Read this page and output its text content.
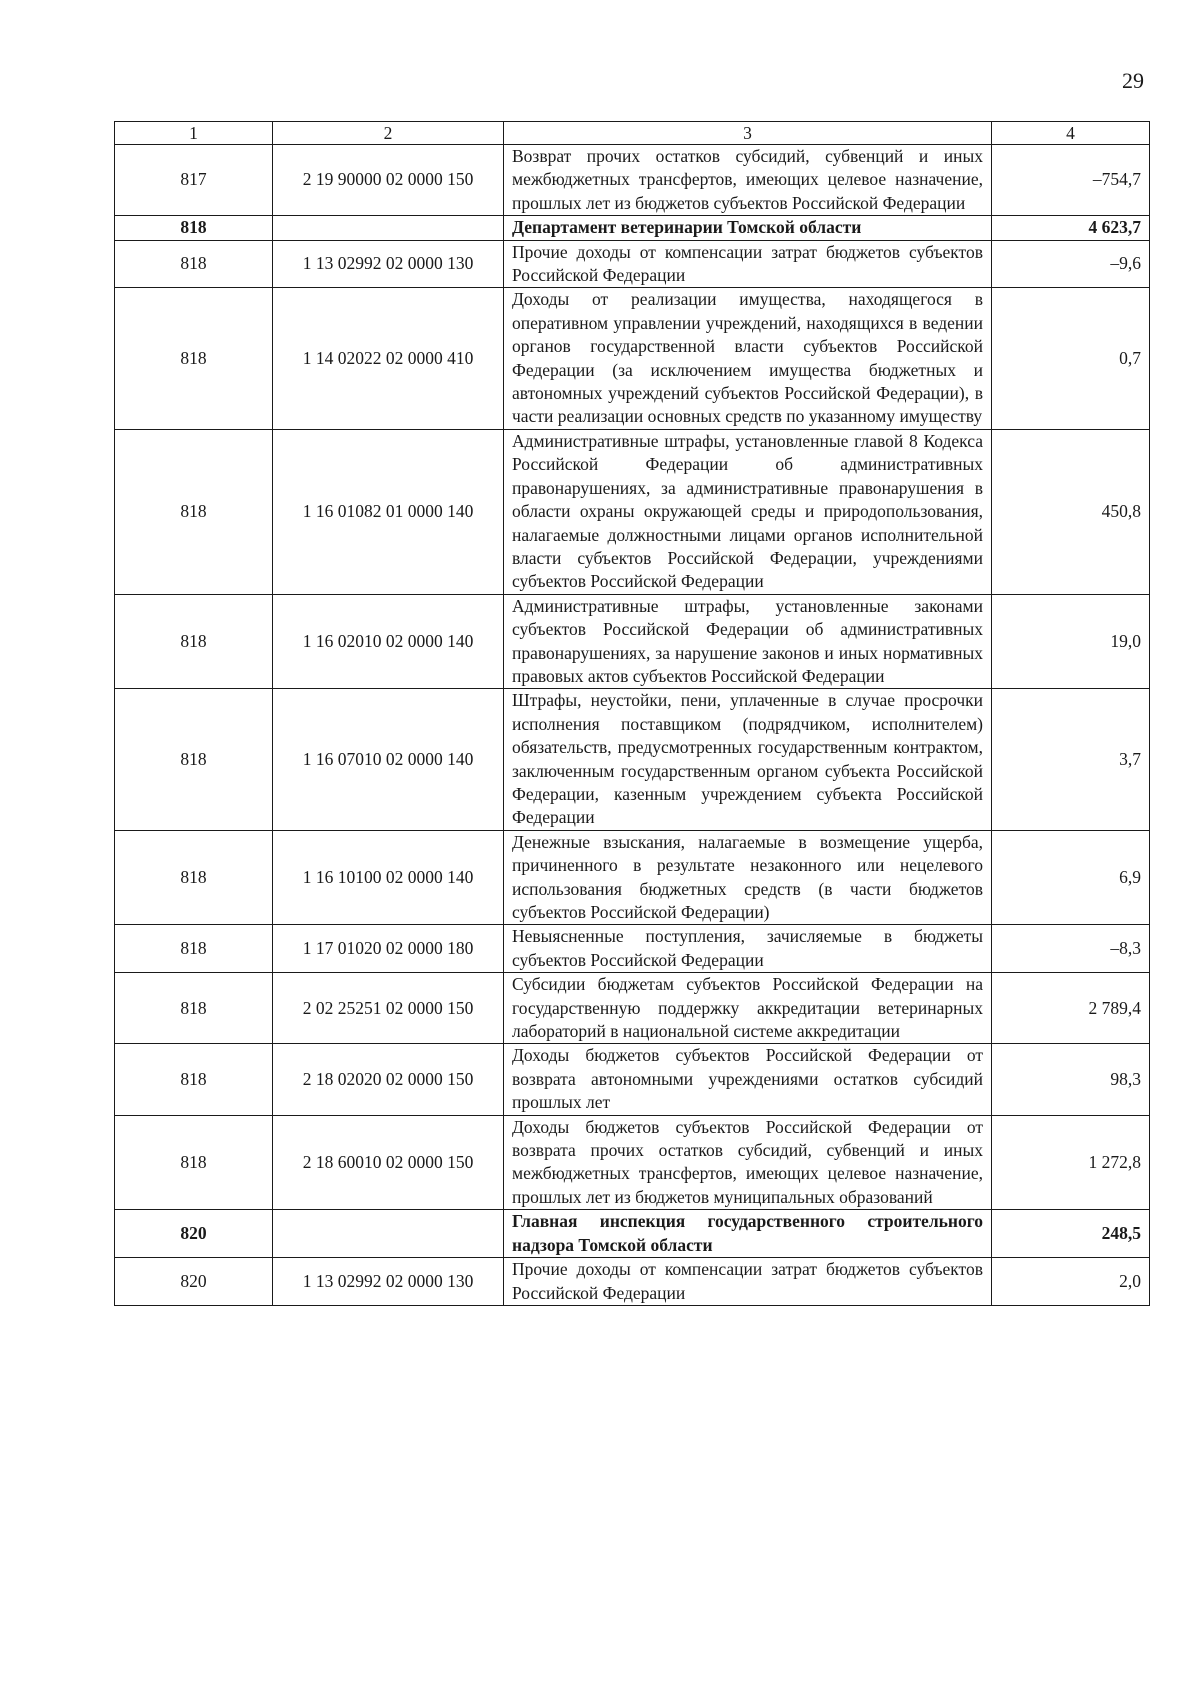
29
1	2	3	4
817	2 19 90000 02 0000 150	Возврат прочих остатков субсидий, субвенций и иных межбюджетных трансфертов, имеющих целевое назначение, прошлых лет из бюджетов субъектов Российской Федерации	–754,7
818		Департамент ветеринарии Томской области	4 623,7
818	1 13 02992 02 0000 130	Прочие доходы от компенсации затрат бюджетов субъектов Российской Федерации	–9,6
818	1 14 02022 02 0000 410	Доходы от реализации имущества, находящегося в оперативном управлении учреждений, находящихся в ведении органов государственной власти субъектов Российской Федерации (за исключением имущества бюджетных и автономных учреждений субъектов Российской Федерации), в части реализации основных средств по указанному имуществу	0,7
818	1 16 01082 01 0000 140	Административные штрафы, установленные главой 8 Кодекса Российской Федерации об административных правонарушениях, за административные правонарушения в области охраны окружающей среды и природопользования, налагаемые должностными лицами органов исполнительной власти субъектов Российской Федерации, учреждениями субъектов Российской Федерации	450,8
818	1 16 02010 02 0000 140	Административные штрафы, установленные законами субъектов Российской Федерации об административных правонарушениях, за нарушение законов и иных нормативных правовых актов субъектов Российской Федерации	19,0
818	1 16 07010 02 0000 140	Штрафы, неустойки, пени, уплаченные в случае просрочки исполнения поставщиком (подрядчиком, исполнителем) обязательств, предусмотренных государственным контрактом, заключенным государственным органом субъекта Российской Федерации, казенным учреждением субъекта Российской Федерации	3,7
818	1 16 10100 02 0000 140	Денежные взыскания, налагаемые в возмещение ущерба, причиненного в результате незаконного или нецелевого использования бюджетных средств (в части бюджетов субъектов Российской Федерации)	6,9
818	1 17 01020 02 0000 180	Невыясненные поступления, зачисляемые в бюджеты субъектов Российской Федерации	–8,3
818	2 02 25251 02 0000 150	Субсидии бюджетам субъектов Российской Федерации на государственную поддержку аккредитации ветеринарных лабораторий в национальной системе аккредитации	2 789,4
818	2 18 02020 02 0000 150	Доходы бюджетов субъектов Российской Федерации от возврата автономными учреждениями остатков субсидий прошлых лет	98,3
818	2 18 60010 02 0000 150	Доходы бюджетов субъектов Российской Федерации от возврата прочих остатков субсидий, субвенций и иных межбюджетных трансфертов, имеющих целевое назначение, прошлых лет из бюджетов муниципальных образований	1 272,8
820		Главная инспекция государственного строительного надзора Томской области	248,5
820	1 13 02992 02 0000 130	Прочие доходы от компенсации затрат бюджетов субъектов Российской Федерации	2,0
